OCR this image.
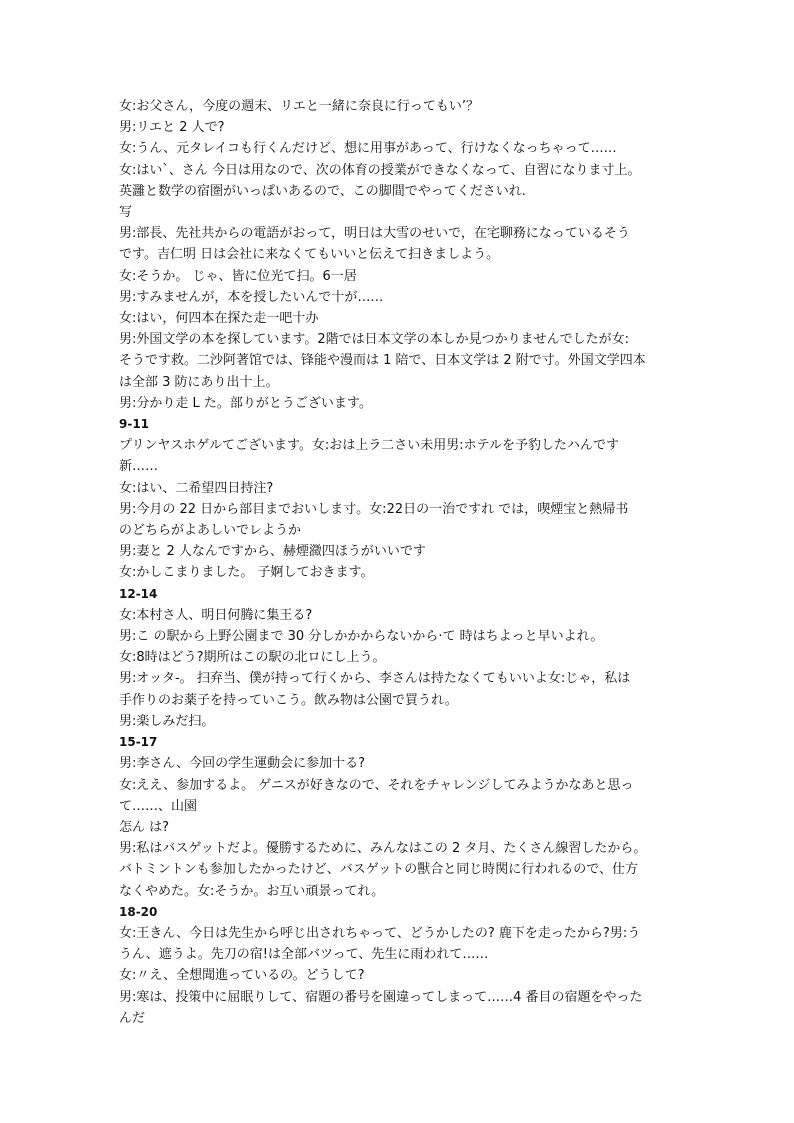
女:お父さん，今度の週末、リエと一緒に奈良に行ってもい’？
男:リエと 2 人で?
女:うん、元タレイコも行くんだけど、想に用事があって、行けなくなっちゃって……
女:はい`、さん 今日は用なので、次の体育の授業ができなくなって、自習になりま寸上。
英灉と数学の宿圏がいっぱいあるので、この脚間でやってくださいれ.
写
男:部長、先社共からの電語がおって，明日は大雪のせいで，在宅聊務になっているそう
です。吉仁明 日は会社に来なくてもいいと伝えて扫きましよう。
女:そうか。 じゃ、皆に位光て扫。6一居
男:すみませんが，本を授したいんで十が……
女:はい，何四本在探た走一吧十办
男:外国文学の本を探しています。2階では日本文学の本しか見つかりませんでしたが女:
そうです救。二沙阿著馆では、锋能や漫而は 1 陪で、日本文学は 2 附で寸。外国文学四本
は全部 3 防にあり出十上。
男:分かり走 L た。部りがとうございます。
9-11
プリンヤスホゲルてございます。女:おは上ラ二さい未用男:ホテルを予豹したハんです
新……
女:はい、二希望四日持注?
男:今月の 22 日から部目までおいしま寸。女:22日の一治ですれ では，喫煙宝と熱帰书
のどちらがよあしいでレようか
男:妻と 2 人なんですから、赫煙瀓四ほうがいいです
女:かしこまりました。 子婀しておきます。
12-14
女:本村さ人、明日何腾に集王る?
男:こ の駅から上野公園まで 30 分しかかからないから·て 時はちよっと早いよれ。
女:8時はどう?期所はこの駅の北ロにし上う。
男:オッタ-。 扫弃当、僕が持って行くから、李さんは持たなくてもいいよ女:じゃ，私は
手作りのお薬子を持っていこう。飲み物は公園で買うれ。
男:楽しみだ扫。
15-17
男:李さん、今回の学生運動会に参加十る?
女:ええ、参加するよ。 ゲニスが好きなので、それをチャレンジしてみようかなあと思っ
て……、山園
怎ん は?
男:私はバスゲットだよ。優勝するために、みんなはこの 2 タ月、たくさん線習したから。
バトミントンも参加したかったけど、バスゲットの獸合と同じ時関に行われるので、仕方
なくやめた。女:そうか。お互い頑景ってれ。
18-20
女:王きん、今日は先生から呼じ出されちゃって、どうかしたの? 鹿下を走ったから?男:う
うん、遮うよ。先刀の宿!は全部バツって、先生に雨われて……
女:〃え、全想聞進っているの。どうして?
男:寒は、投策中に屈眠りして、宿題の番号を園違ってしまって……4 番目の宿題をやった
んだ
